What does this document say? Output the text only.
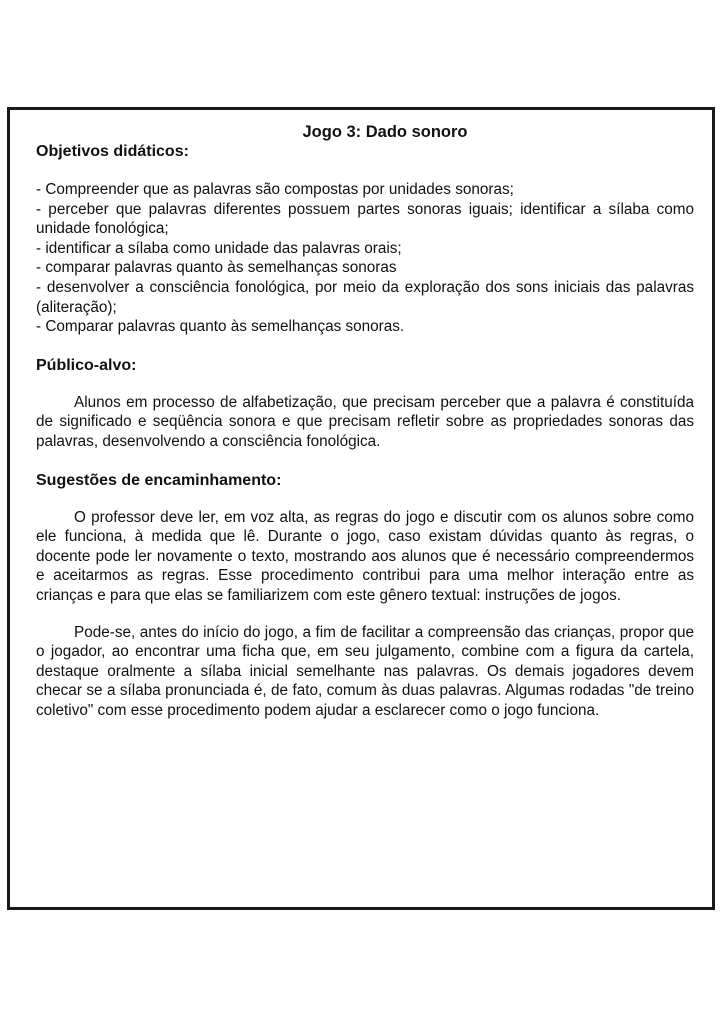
Jogo 3: Dado sonoro
Objetivos didáticos:
- Compreender que as palavras são compostas por unidades sonoras;
- perceber que palavras diferentes possuem partes sonoras iguais; identificar a sílaba como unidade fonológica;
- identificar a sílaba como unidade das palavras orais;
- comparar palavras quanto às semelhanças sonoras
- desenvolver a consciência fonológica, por meio da exploração dos sons iniciais das palavras (aliteração);
- Comparar palavras quanto às semelhanças sonoras.
Público-alvo:

Alunos em processo de alfabetização, que precisam perceber que a palavra é constituída de significado e seqüência sonora e que precisam refletir sobre as propriedades sonoras das palavras, desenvolvendo a consciência fonológica.

Sugestões de encaminhamento:

O professor deve ler, em voz alta, as regras do jogo e discutir com os alunos sobre como ele funciona, à medida que lê. Durante o jogo, caso existam dúvidas quanto às regras, o docente pode ler novamente o texto, mostrando aos alunos que é necessário compreendermos e aceitarmos as regras. Esse procedimento contribui para uma melhor interação entre as crianças e para que elas se familiarizem com este gênero textual: instruções de jogos.

Pode-se, antes do início do jogo, a fim de facilitar a compreensão das crianças, propor que o jogador, ao encontrar uma ficha que, em seu julgamento, combine com a figura da cartela, destaque oralmente a sílaba inicial semelhante nas palavras. Os demais jogadores devem checar se a sílaba pronunciada é, de fato, comum às duas palavras. Algumas rodadas "de treino coletivo" com esse procedimento podem ajudar a esclarecer como o jogo funciona.
